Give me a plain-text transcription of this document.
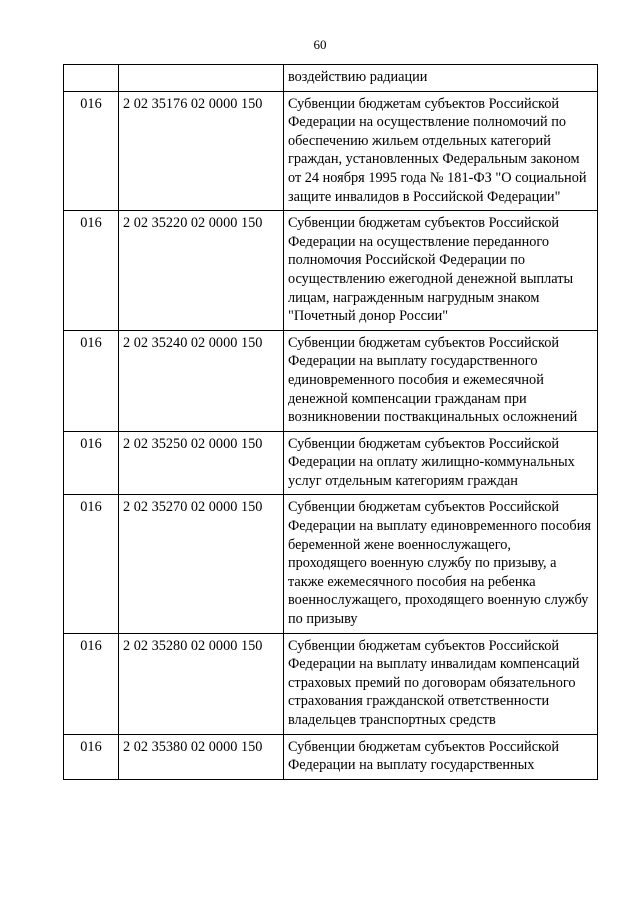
60
		воздействию радиации
016	2 02 35176 02 0000 150	Субвенции бюджетам субъектов Российской Федерации на осуществление полномочий по обеспечению жильем отдельных категорий граждан, установленных Федеральным законом от 24 ноября 1995 года № 181-ФЗ "О социальной защите инвалидов в Российской Федерации"
016	2 02 35220 02 0000 150	Субвенции бюджетам субъектов Российской Федерации на осуществление переданного полномочия Российской Федерации по осуществлению ежегодной денежной выплаты лицам, награжденным нагрудным знаком "Почетный донор России"
016	2 02 35240 02 0000 150	Субвенции бюджетам субъектов Российской Федерации на выплату государственного единовременного пособия и ежемесячной денежной компенсации гражданам при возникновении поствакцинальных осложнений
016	2 02 35250 02 0000 150	Субвенции бюджетам субъектов Российской Федерации на оплату жилищно-коммунальных услуг отдельным категориям граждан
016	2 02 35270 02 0000 150	Субвенции бюджетам субъектов Российской Федерации на выплату единовременного пособия беременной жене военнослужащего, проходящего военную службу по призыву, а также ежемесячного пособия на ребенка военнослужащего, проходящего военную службу по призыву
016	2 02 35280 02 0000 150	Субвенции бюджетам субъектов Российской Федерации на выплату инвалидам компенсаций страховых премий по договорам обязательного страхования гражданской ответственности владельцев транспортных средств
016	2 02 35380 02 0000 150	Субвенции бюджетам субъектов Российской Федерации на выплату государственных
